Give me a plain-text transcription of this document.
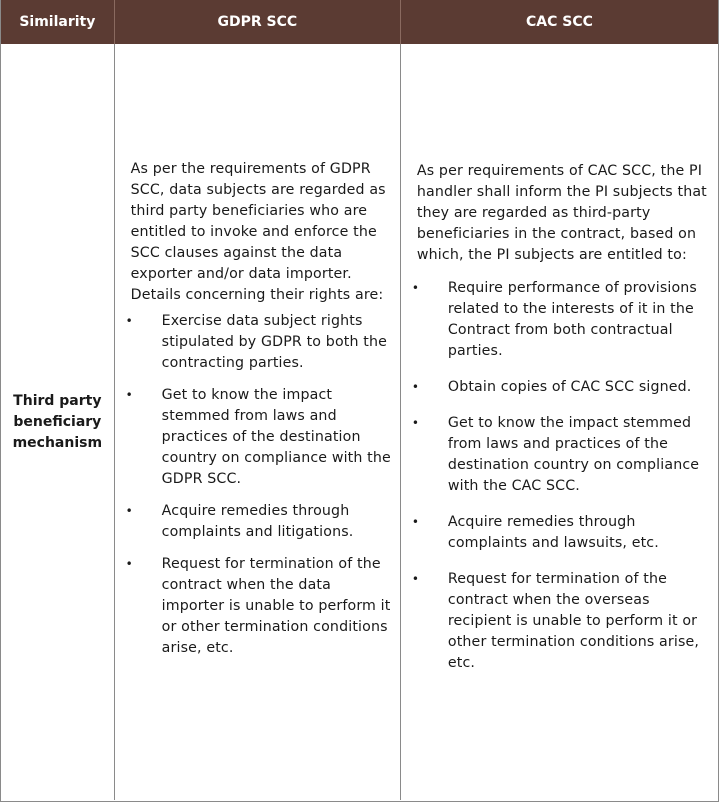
Similarity	GDPR SCC	CAC SCC
Third party beneficiary mechanism

As per the requirements of GDPR SCC, data subjects are regarded as third party beneficiaries who are entitled to invoke and enforce the SCC clauses against the data exporter and/or data importer. Details concerning their rights are:

• Exercise data subject rights stipulated by GDPR to both the contracting parties.
• Get to know the impact stemmed from laws and practices of the destination country on compliance with the GDPR SCC.
• Acquire remedies through complaints and litigations.
• Request for termination of the contract when the data importer is unable to perform it or other termination conditions arise, etc.

As per requirements of CAC SCC, the PI handler shall inform the PI subjects that they are regarded as third-party beneficiaries in the contract, based on which, the PI subjects are entitled to:

• Require performance of provisions related to the interests of it in the Contract from both contractual parties.
• Obtain copies of CAC SCC signed.
• Get to know the impact stemmed from laws and practices of the destination country on compliance with the CAC SCC.
• Acquire remedies through complaints and lawsuits, etc.
• Request for termination of the contract when the overseas recipient is unable to perform it or other termination conditions arise, etc.
